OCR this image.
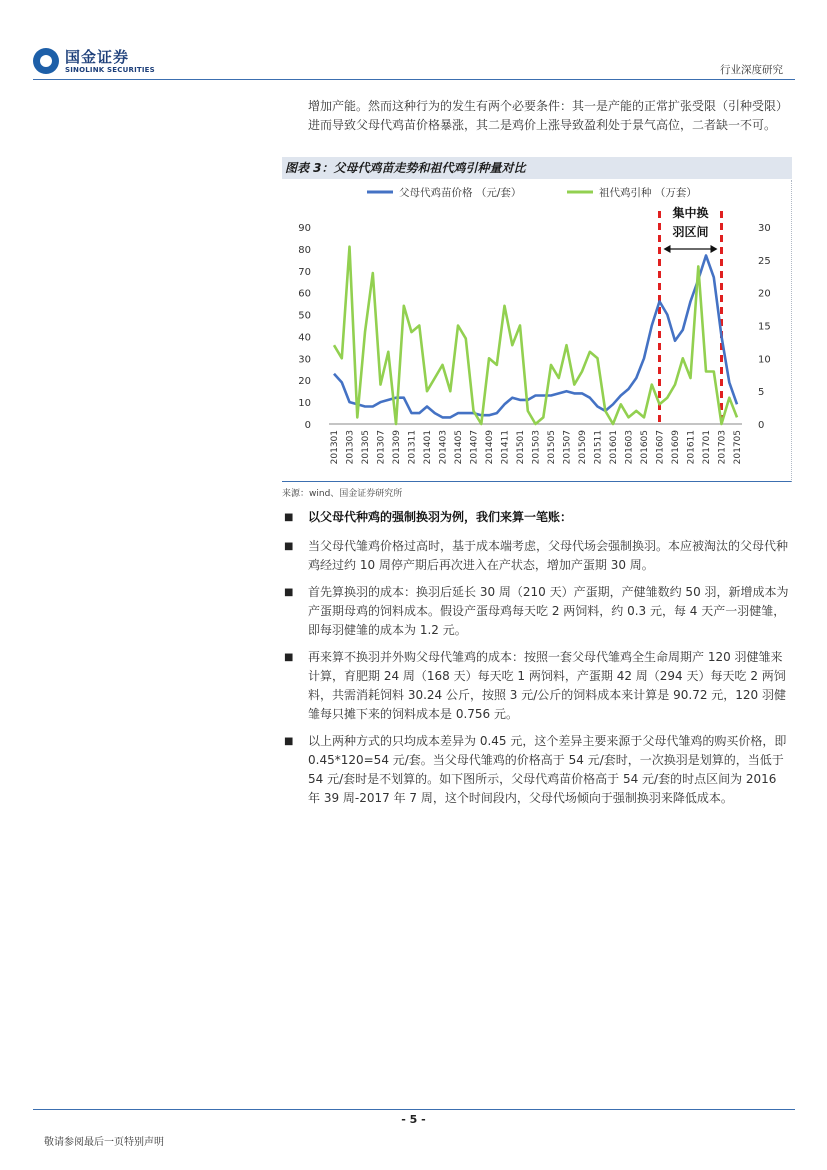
国金证券
SINOLINK SECURITIES	行业深度研究
增加产能。然而这种行为的发生有两个必要条件：其一是产能的正常扩张受限（引种受限）进而导致父母代鸡苗价格暴涨，其二是鸡价上涨导致盈利处于景气高位，二者缺一不可。
图表 3：父母代鸡苗走势和祖代鸡引种量对比
0
10
20
30
40
50
60
70
80
90
0
5
10
15
20
25
30
201301 201303 201305 201307 201309 201311 201401 201403 201405 201407 201409 201411 201501 201503 201505 201507 201509 201511 201601 201603 201605 201607 201609 201611 201701 201703 201705
集中换
羽区间
父母代鸡苗价格 （元/套）	祖代鸡引种 （万套）
来源：wind、国金证券研究所
■ 以父母代种鸡的强制换羽为例，我们来算一笔账：
■ 当父母代雏鸡价格过高时，基于成本端考虑，父母代场会强制换羽。本应被淘汰的父母代种鸡经过约 10 周停产期后再次进入在产状态，增加产蛋期 30 周。
■ 首先算换羽的成本：换羽后延长 30 周（210 天）产蛋期，产健雏数约 50 羽，新增成本为产蛋期母鸡的饲料成本。假设产蛋母鸡每天吃 2 两饲料，约 0.3 元，每 4 天产一羽健雏，即每羽健雏的成本为 1.2 元。
■ 再来算不换羽并外购父母代雏鸡的成本：按照一套父母代雏鸡全生命周期产 120 羽健雏来计算，育肥期 24 周（168 天）每天吃 1 两饲料，产蛋期 42 周（294 天）每天吃 2 两饲料，共需消耗饲料 30.24 公斤，按照 3 元/公斤的饲料成本来计算是 90.72 元，120 羽健雏每只摊下来的饲料成本是 0.756 元。
■ 以上两种方式的只均成本差异为 0.45 元，这个差异主要来源于父母代雏鸡的购买价格，即 0.45*120=54 元/套。当父母代雏鸡的价格高于 54 元/套时，一次换羽是划算的，当低于 54 元/套时是不划算的。如下图所示，父母代鸡苗价格高于 54 元/套的时点区间为 2016 年 39 周-2017 年 7 周，这个时间段内，父母代场倾向于强制换羽来降低成本。
- 5 -
敬请参阅最后一页特别声明
